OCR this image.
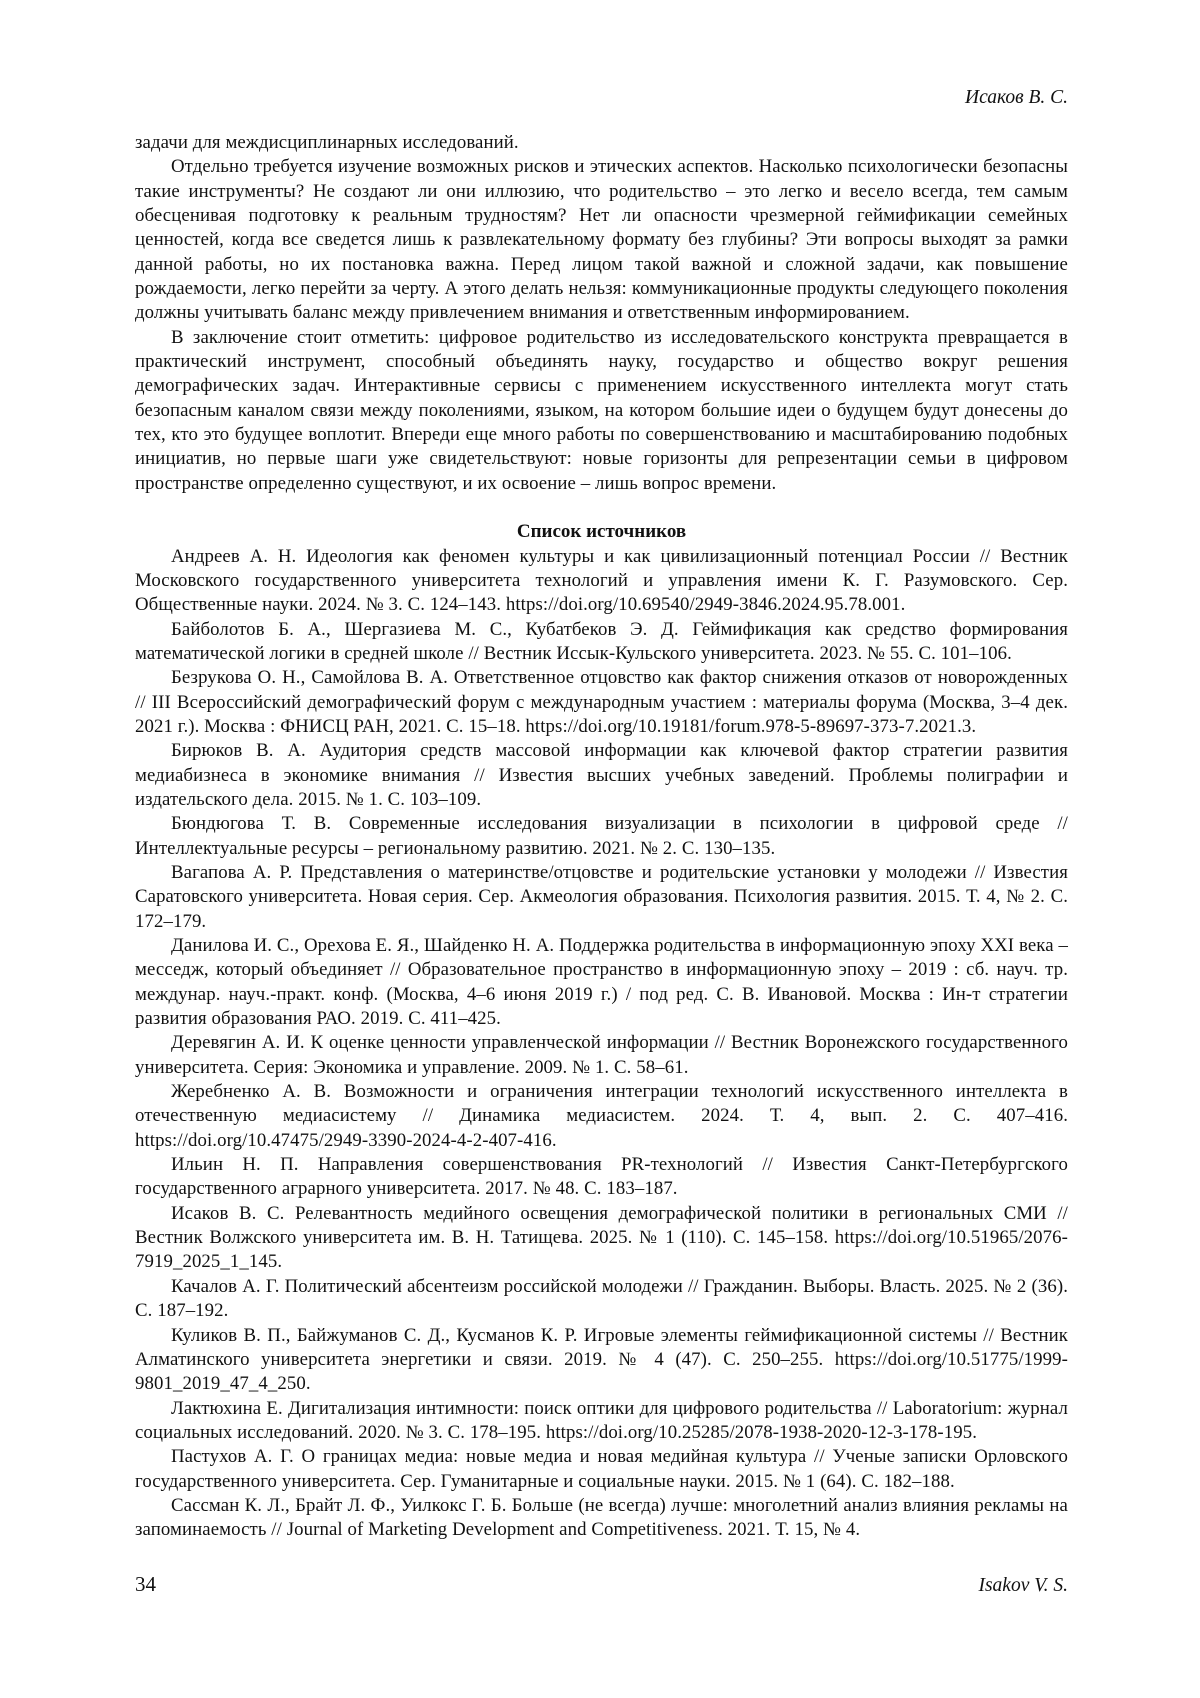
Исаков В. С.

задачи для междисциплинарных исследований.

Отдельно требуется изучение возможных рисков и этических аспектов. Насколько психологически безопасны такие инструменты? Не создают ли они иллюзию, что родительство – это легко и весело всегда, тем самым обесценивая подготовку к реальным трудностям? Нет ли опасности чрезмерной геймификации семейных ценностей, когда все сведется лишь к развлекательному формату без глубины? Эти вопросы выходят за рамки данной работы, но их постановка важна. Перед лицом такой важной и сложной задачи, как повышение рождаемости, легко перейти за черту. А этого делать нельзя: коммуникационные продукты следующего поколения должны учитывать баланс между привлечением внимания и ответственным информированием.

В заключение стоит отметить: цифровое родительство из исследовательского конструкта превращается в практический инструмент, способный объединять науку, государство и общество вокруг решения демографических задач. Интерактивные сервисы с применением искусственного интеллекта могут стать безопасным каналом связи между поколениями, языком, на котором большие идеи о будущем будут донесены до тех, кто это будущее воплотит. Впереди еще много работы по совершенствованию и масштабированию подобных инициатив, но первые шаги уже свидетельствуют: новые горизонты для репрезентации семьи в цифровом пространстве определенно существуют, и их освоение – лишь вопрос времени.

Список источников

Андреев А. Н. Идеология как феномен культуры и как цивилизационный потенциал России // Вестник Московского государственного университета технологий и управления имени К. Г. Разумовского. Сер. Общественные науки. 2024. № 3. С. 124–143. https://doi.org/10.69540/2949-3846.2024.95.78.001.

Байболотов Б. А., Шергазиева М. С., Кубатбеков Э. Д. Геймификация как средство формирования математической логики в средней школе // Вестник Иссык-Кульского университета. 2023. № 55. С. 101–106.

Безрукова О. Н., Самойлова В. А. Ответственное отцовство как фактор снижения отказов от новорожденных // III Всероссийский демографический форум с международным участием : материалы форума (Москва, 3–4 дек. 2021 г.). Москва : ФНИСЦ РАН, 2021. С. 15–18. https://doi.org/10.19181/forum.978-5-89697-373-7.2021.3.

Бирюков В. А. Аудитория средств массовой информации как ключевой фактор стратегии развития медиабизнеса в экономике внимания // Известия высших учебных заведений. Проблемы полиграфии и издательского дела. 2015. № 1. С. 103–109.

Бюндюгова Т. В. Современные исследования визуализации в психологии в цифровой среде // Интеллектуальные ресурсы – региональному развитию. 2021. № 2. С. 130–135.

Вагапова А. Р. Представления о материнстве/отцовстве и родительские установки у молодежи // Известия Саратовского университета. Новая серия. Сер. Акмеология образования. Психология развития. 2015. Т. 4, № 2. С. 172–179.

Данилова И. С., Орехова Е. Я., Шайденко Н. А. Поддержка родительства в информационную эпоху XXI века – месседж, который объединяет // Образовательное пространство в информационную эпоху – 2019 : сб. науч. тр. междунар. науч.-практ. конф. (Москва, 4–6 июня 2019 г.) / под ред. С. В. Ивановой. Москва : Ин-т стратегии развития образования РАО. 2019. С. 411–425.

Деревягин А. И. К оценке ценности управленческой информации // Вестник Воронежского государственного университета. Серия: Экономика и управление. 2009. № 1. С. 58–61.

Жеребненко А. В. Возможности и ограничения интеграции технологий искусственного интеллекта в отечественную медиасистему // Динамика медиасистем. 2024. Т. 4, вып. 2. С. 407–416. https://doi.org/10.47475/2949-3390-2024-4-2-407-416.

Ильин Н. П. Направления совершенствования PR-технологий // Известия Санкт-Петербургского государственного аграрного университета. 2017. № 48. С. 183–187.

Исаков В. С. Релевантность медийного освещения демографической политики в региональных СМИ // Вестник Волжского университета им. В. Н. Татищева. 2025. № 1 (110). С. 145–158. https://doi.org/10.51965/2076-7919_2025_1_145.

Качалов А. Г. Политический абсентеизм российской молодежи // Гражданин. Выборы. Власть. 2025. № 2 (36). С. 187–192.

Куликов В. П., Байжуманов С. Д., Кусманов К. Р. Игровые элементы геймификационной системы // Вестник Алматинского университета энергетики и связи. 2019. № 4 (47). С. 250–255. https://doi.org/10.51775/1999-9801_2019_47_4_250.

Лактюхина Е. Дигитализация интимности: поиск оптики для цифрового родительства // Laboratorium: журнал социальных исследований. 2020. № 3. С. 178–195. https://doi.org/10.25285/2078-1938-2020-12-3-178-195.

Пастухов А. Г. О границах медиа: новые медиа и новая медийная культура // Ученые записки Орловского государственного университета. Сер. Гуманитарные и социальные науки. 2015. № 1 (64). С. 182–188.

Сассман К. Л., Брайт Л. Ф., Уилкокс Г. Б. Больше (не всегда) лучше: многолетний анализ влияния рекламы на запоминаемость // Journal of Marketing Development and Competitiveness. 2021. Т. 15, № 4.

34	Isakov V. S.
